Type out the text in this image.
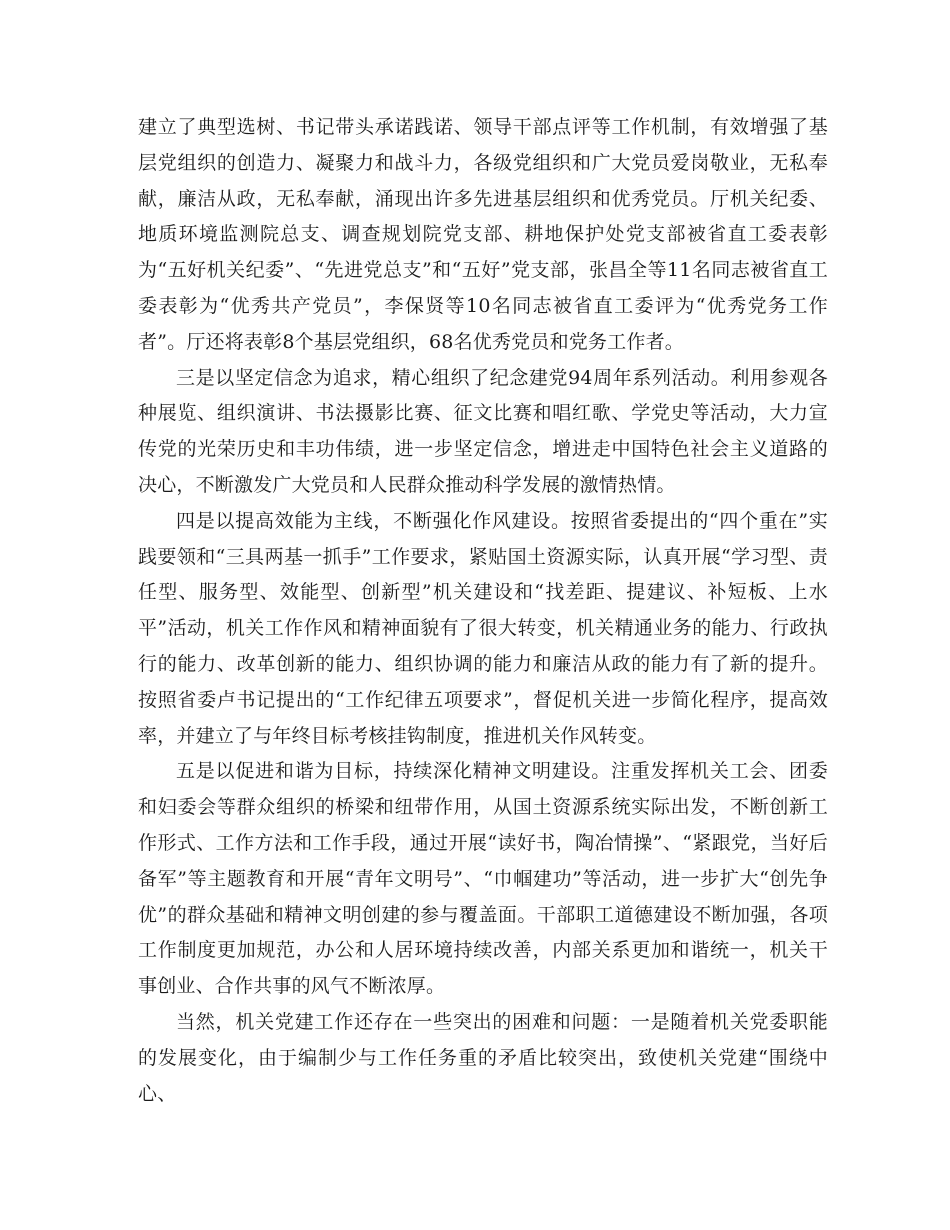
建立了典型选树、书记带头承诺践诺、领导干部点评等工作机制，有效增强了基层党组织的创造力、凝聚力和战斗力，各级党组织和广大党员爱岗敬业，无私奉献，廉洁从政，无私奉献，涌现出许多先进基层组织和优秀党员。厅机关纪委、地质环境监测院总支、调查规划院党支部、耕地保护处党支部被省直工委表彰为“五好机关纪委”、“先进党总支”和“五好”党支部，张昌全等11名同志被省直工委表彰为“优秀共产党员”，李保贤等10名同志被省直工委评为“优秀党务工作者”。厅还将表彰8个基层党组织，68名优秀党员和党务工作者。

三是以坚定信念为追求，精心组织了纪念建党94周年系列活动。利用参观各种展览、组织演讲、书法摄影比赛、征文比赛和唱红歌、学党史等活动，大力宣传党的光荣历史和丰功伟绩，进一步坚定信念，增进走中国特色社会主义道路的决心，不断激发广大党员和人民群众推动科学发展的激情热情。

四是以提高效能为主线，不断强化作风建设。按照省委提出的“四个重在”实践要领和“三具两基一抓手”工作要求，紧贴国土资源实际，认真开展“学习型、责任型、服务型、效能型、创新型”机关建设和“找差距、提建议、补短板、上水平”活动，机关工作作风和精神面貌有了很大转变，机关精通业务的能力、行政执行的能力、改革创新的能力、组织协调的能力和廉洁从政的能力有了新的提升。按照省委卢书记提出的“工作纪律五项要求”，督促机关进一步简化程序，提高效率，并建立了与年终目标考核挂钩制度，推进机关作风转变。

五是以促进和谐为目标，持续深化精神文明建设。注重发挥机关工会、团委和妇委会等群众组织的桥梁和纽带作用，从国土资源系统实际出发，不断创新工作形式、工作方法和工作手段，通过开展“读好书，陶冶情操”、“紧跟党，当好后备军”等主题教育和开展“青年文明号”、“巾帼建功”等活动，进一步扩大“创先争优”的群众基础和精神文明创建的参与覆盖面。干部职工道德建设不断加强，各项工作制度更加规范，办公和人居环境持续改善，内部关系更加和谐统一，机关干事创业、合作共事的风气不断浓厚。

当然，机关党建工作还存在一些突出的困难和问题：一是随着机关党委职能的发展变化，由于编制少与工作任务重的矛盾比较突出，致使机关党建“围绕中心、
